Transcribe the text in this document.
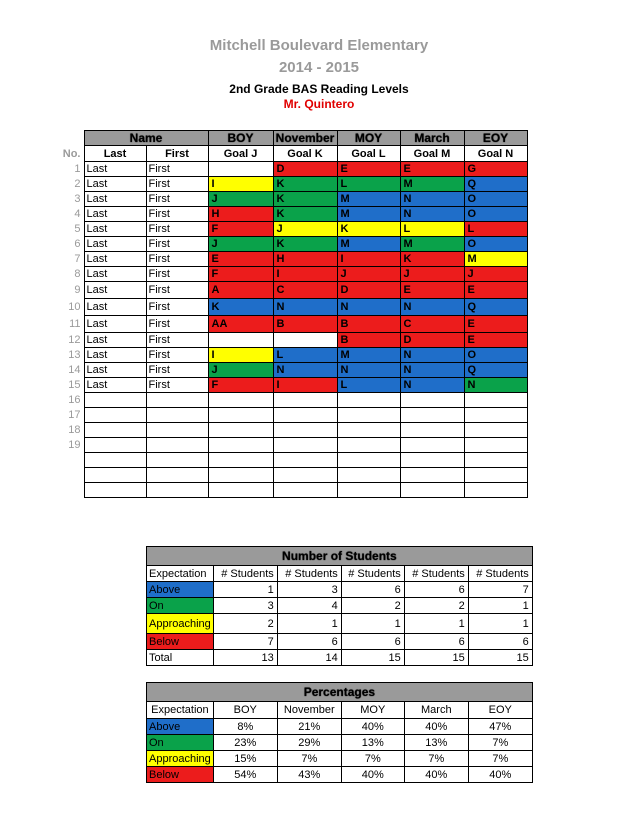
Mitchell Boulevard Elementary
2014 - 2015
2nd Grade BAS Reading Levels
Mr. Quintero
	Name		BOY	November	MOY	March	EOY
No.	Last	First	Goal J	Goal K	Goal L	Goal M	Goal N
1	Last	First		D	E	E	G
2	Last	First	I	K	L	M	Q
3	Last	First	J	K	M	N	O
4	Last	First	H	K	M	N	O
5	Last	First	F	J	K	L	L
6	Last	First	J	K	M	M	O
7	Last	First	E	H	I	K	M
8	Last	First	F	I	J	J	J
9	Last	First	A	C	D	E	E
10	Last	First	K	N	N	N	Q
11	Last	First	AA	B	B	C	E
12	Last	First			B	D	E
13	Last	First	I	L	M	N	O
14	Last	First	J	N	N	N	Q
15	Last	First	F	I	L	N	N
16							
17							
18							
19							

Number of Students					
Expectation	# Students	# Students	# Students	# Students	# Students
Above	1	3	6	6	7
On	3	4	2	2	1
Approaching	2	1	1	1	1
Below	7	6	6	6	6
Total	13	14	15	15	15
Percentages					
Expectation	BOY	November	MOY	March	EOY
Above	8%	21%	40%	40%	47%
On	23%	29%	13%	13%	7%
Approaching	15%	7%	7%	7%	7%
Below	54%	43%	40%	40%	40%
